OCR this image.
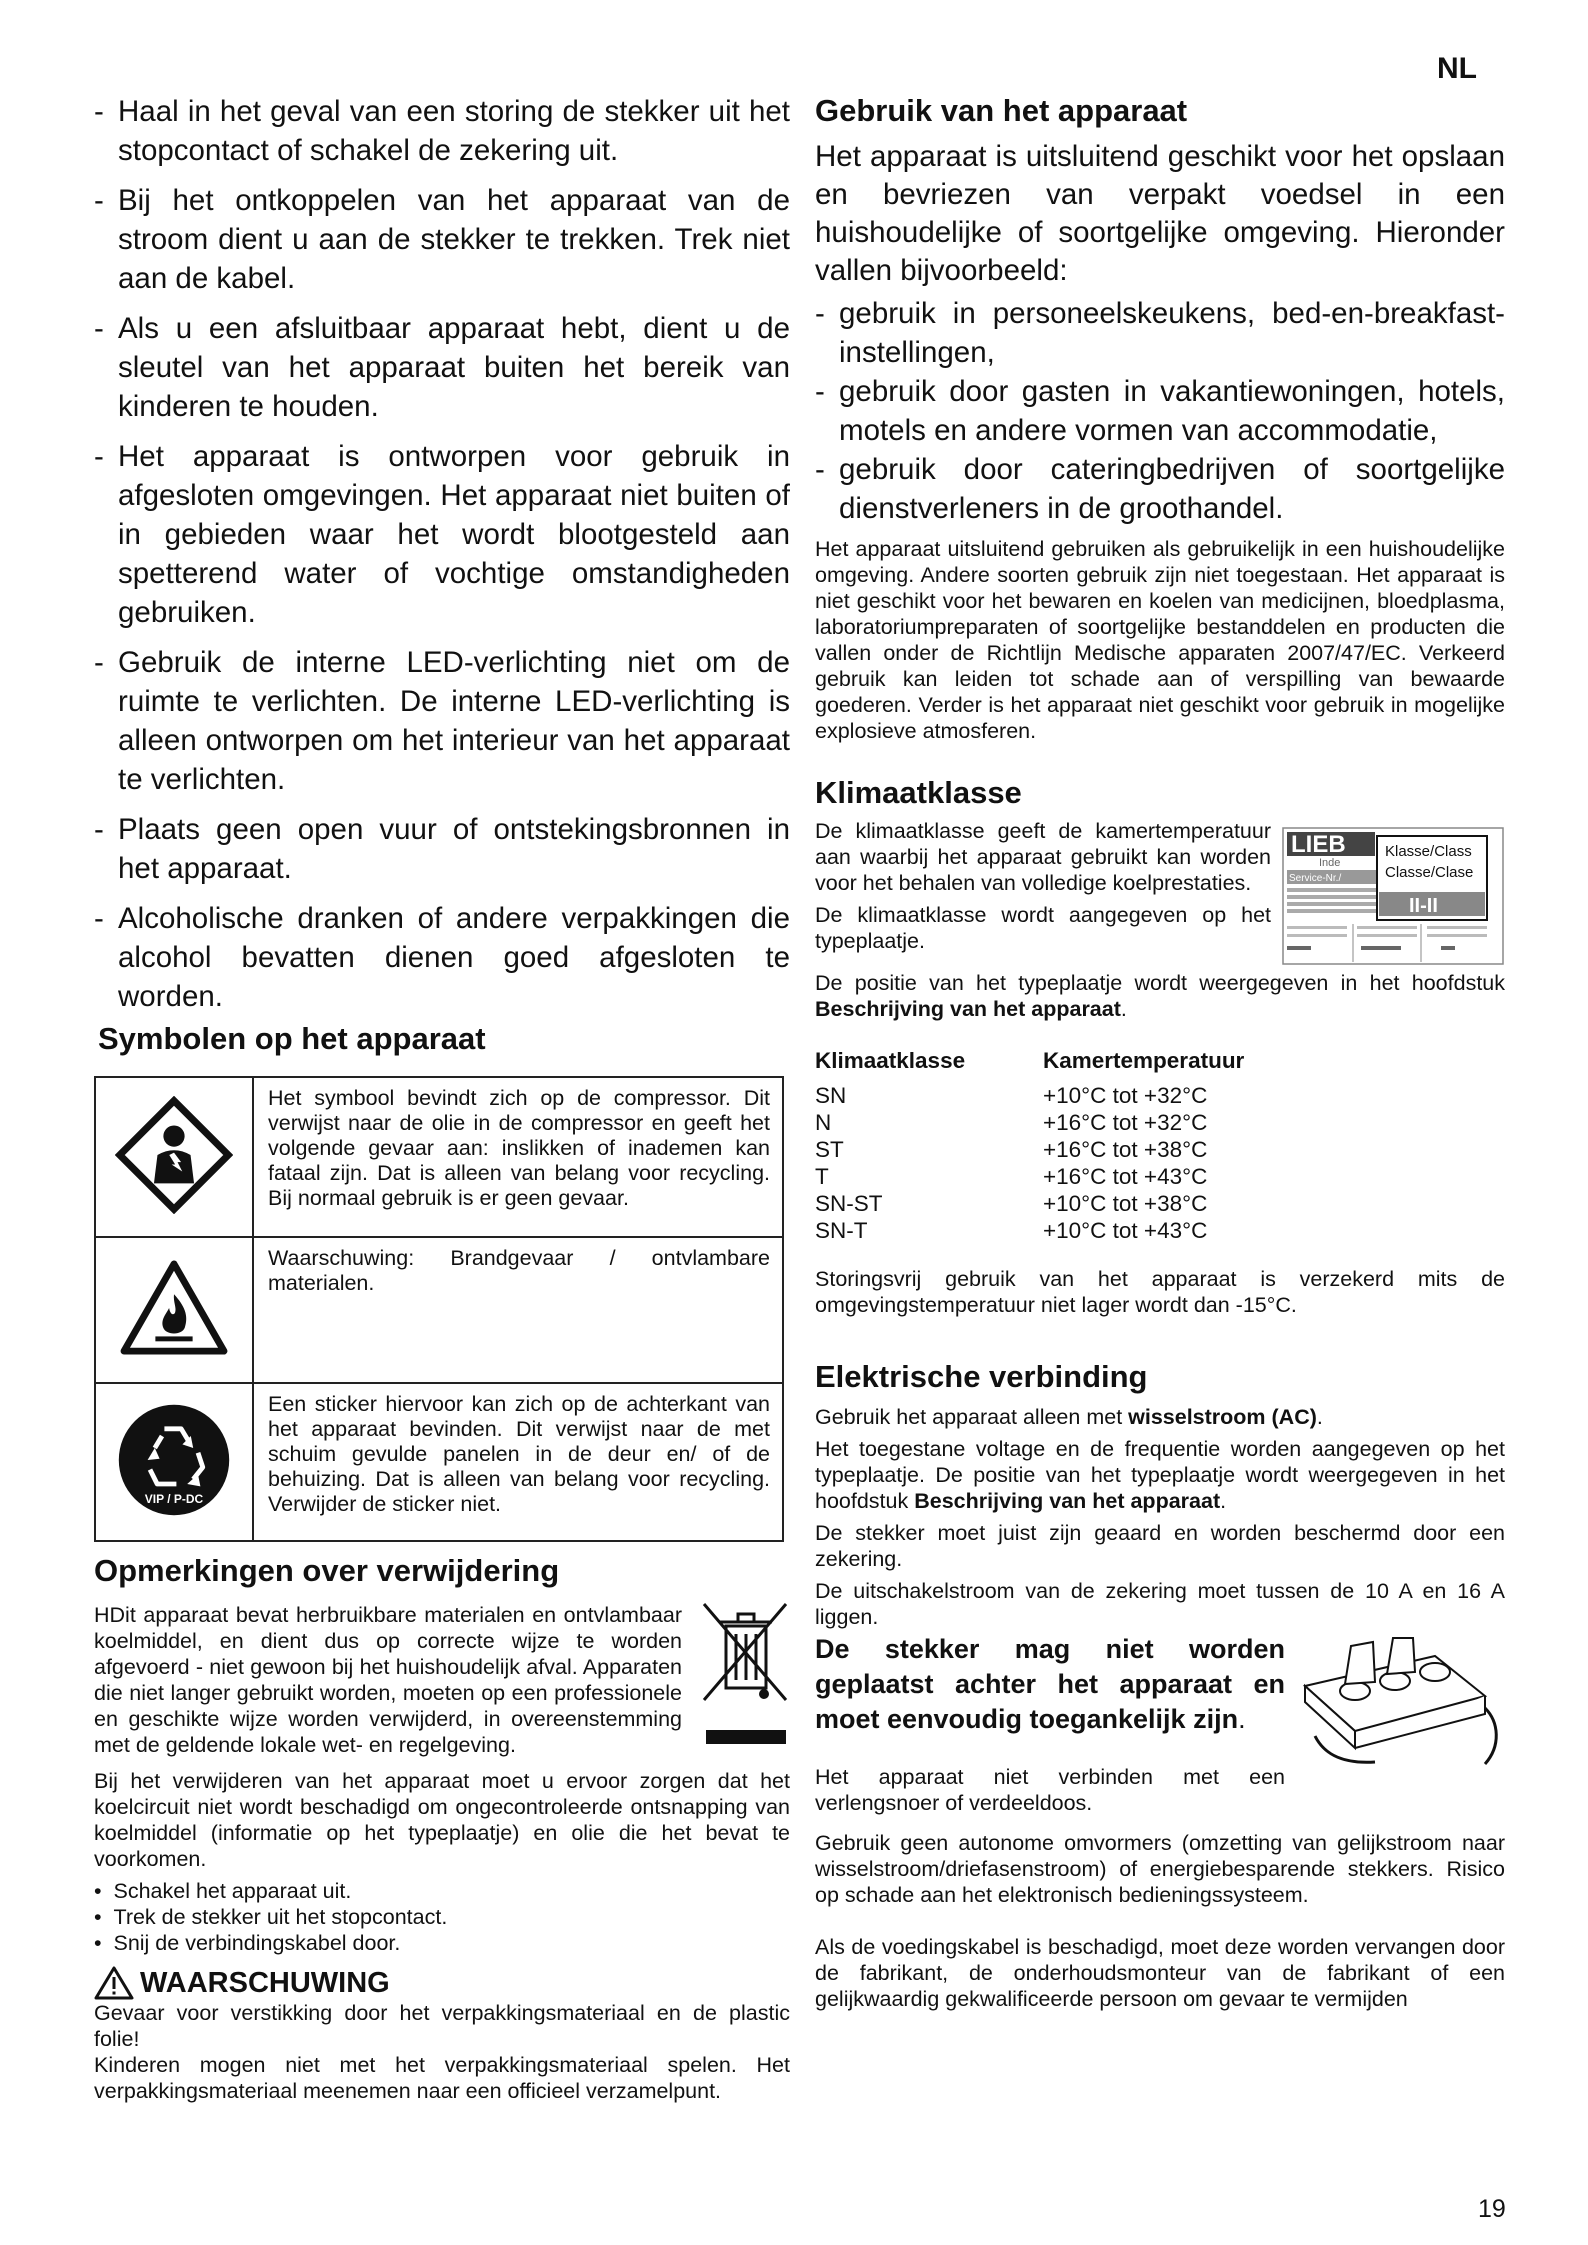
NL
- Haal in het geval van een storing de stekker uit het stopcontact of schakel de zekering uit.
- Bij het ontkoppelen van het apparaat van de stroom dient u aan de stekker te trekken. Trek niet aan de kabel.
- Als u een afsluitbaar apparaat hebt, dient u de sleutel van het apparaat buiten het bereik van kinderen te houden.
- Het apparaat is ontworpen voor gebruik in afgesloten omgevingen. Het apparaat niet buiten of in gebieden waar het wordt blootgesteld aan spetterend water of vochtige omstandigheden gebruiken.
- Gebruik de interne LED-verlichting niet om de ruimte te verlichten. De interne LED-verlichting is alleen ontworpen om het interieur van het apparaat te verlichten.
- Plaats geen open vuur of ontstekingsbronnen in het apparaat.
- Alcoholische dranken of andere verpakkingen die alcohol bevatten dienen goed afgesloten te worden.
Symbolen op het apparaat
	Het symbool bevindt zich op de compressor. Dit verwijst naar de olie in de compressor en geeft het volgende gevaar aan: inslikken of inademen kan fataal zijn. Dat is alleen van belang voor recycling. Bij normaal gebruik is er geen gevaar.
	Waarschuwing: Brandgevaar / ontvlambare materialen.

VIP / P-DC	Een sticker hiervoor kan zich op de achterkant van het apparaat bevinden. Dit verwijst naar de met schuim gevulde panelen in de deur en/ of de behuizing. Dat is alleen van belang voor recycling. Verwijder de sticker niet.
Opmerkingen over verwijdering

HDit apparaat bevat herbruikbare materialen en ontvlambaar koelmiddel, en dient dus op correcte wijze te worden afgevoerd - niet gewoon bij het huishoudelijk afval. Apparaten die niet langer gebruikt worden, moeten op een professionele en geschikte wijze worden verwijderd, in overeenstemming met de geldende lokale wet- en regelgeving.

Bij het verwijderen van het apparaat moet u ervoor zorgen dat het koelcircuit niet wordt beschadigd om ongecontroleerde ontsnapping van koelmiddel (informatie op het typeplaatje) en olie die het bevat te voorkomen.

•  Schakel het apparaat uit.
•  Trek de stekker uit het stopcontact.
•  Snij de verbindingskabel door.
WAARSCHUWING

Gevaar voor verstikking door het verpakkingsmateriaal en de plastic folie!

Kinderen mogen niet met het verpakkingsmateriaal spelen. Het verpakkingsmateriaal meenemen naar een officieel verzamelpunt.

Gebruik van het apparaat

Het apparaat is uitsluitend geschikt voor het opslaan en bevriezen van verpakt voedsel in een huishoudelijke of soortgelijke omgeving. Hieronder vallen bijvoorbeeld:

- gebruik in personeelskeukens, bed-en-breakfast-instellingen,
- gebruik door gasten in vakantiewoningen, hotels, motels en andere vormen van accommodatie,
- gebruik door cateringbedrijven of soortgelijke dienstverleners in de groothandel.

Het apparaat uitsluitend gebruiken als gebruikelijk in een huishoudelijke omgeving. Andere soorten gebruik zijn niet toegestaan. Het apparaat is niet geschikt voor het bewaren en koelen van medicijnen, bloedplasma, laboratoriumpreparaten of soortgelijke bestanddelen en producten die vallen onder de Richtlijn Medische apparaten 2007/47/EC. Verkeerd gebruik kan leiden tot schade aan of verspilling van bewaarde goederen. Verder is het apparaat niet geschikt voor gebruik in mogelijke explosieve atmosferen.

Klimaatklasse

De klimaatklasse geeft de kamertemperatuur aan waarbij het apparaat gebruikt kan worden voor het behalen van volledige koelprestaties.

De klimaatklasse wordt aangegeven op het typeplaatje.

De positie van het typeplaatje wordt weergegeven in het hoofdstuk Beschrijving van het apparaat.

LIEB
Inde
Service-Nr./
Klasse/Class
Classe/Clase
II-II
Klimaatklasse	Kamertemperatuur

SN	+10°C tot +32°C
N	+16°C tot +32°C
ST	+16°C tot +38°C
T	+16°C tot +43°C
SN-ST	+10°C tot +38°C
SN-T	+10°C tot +43°C

Storingsvrij gebruik van het apparaat is verzekerd mits de omgevingstemperatuur niet lager wordt dan -15°C.

Elektrische verbinding

Gebruik het apparaat alleen met wisselstroom (AC).

Het toegestane voltage en de frequentie worden aangegeven op het typeplaatje. De positie van het typeplaatje wordt weergegeven in het hoofdstuk Beschrijving van het apparaat.

De stekker moet juist zijn geaard en worden beschermd door een zekering.

De uitschakelstroom van de zekering moet tussen de 10 A en 16 A liggen.

De stekker mag niet worden geplaatst achter het apparaat en moet eenvoudig toegankelijk zijn.

Het apparaat niet verbinden met een verlengsnoer of verdeeldoos.

Gebruik geen autonome omvormers (omzetting van gelijkstroom naar wisselstroom/driefasenstroom) of energiebesparende stekkers. Risico op schade aan het elektronisch bedieningssysteem.

Als de voedingskabel is beschadigd, moet deze worden vervangen door de fabrikant, de onderhoudsmonteur van de fabrikant of een gelijkwaardig gekwalificeerde persoon om gevaar te vermijden

19
